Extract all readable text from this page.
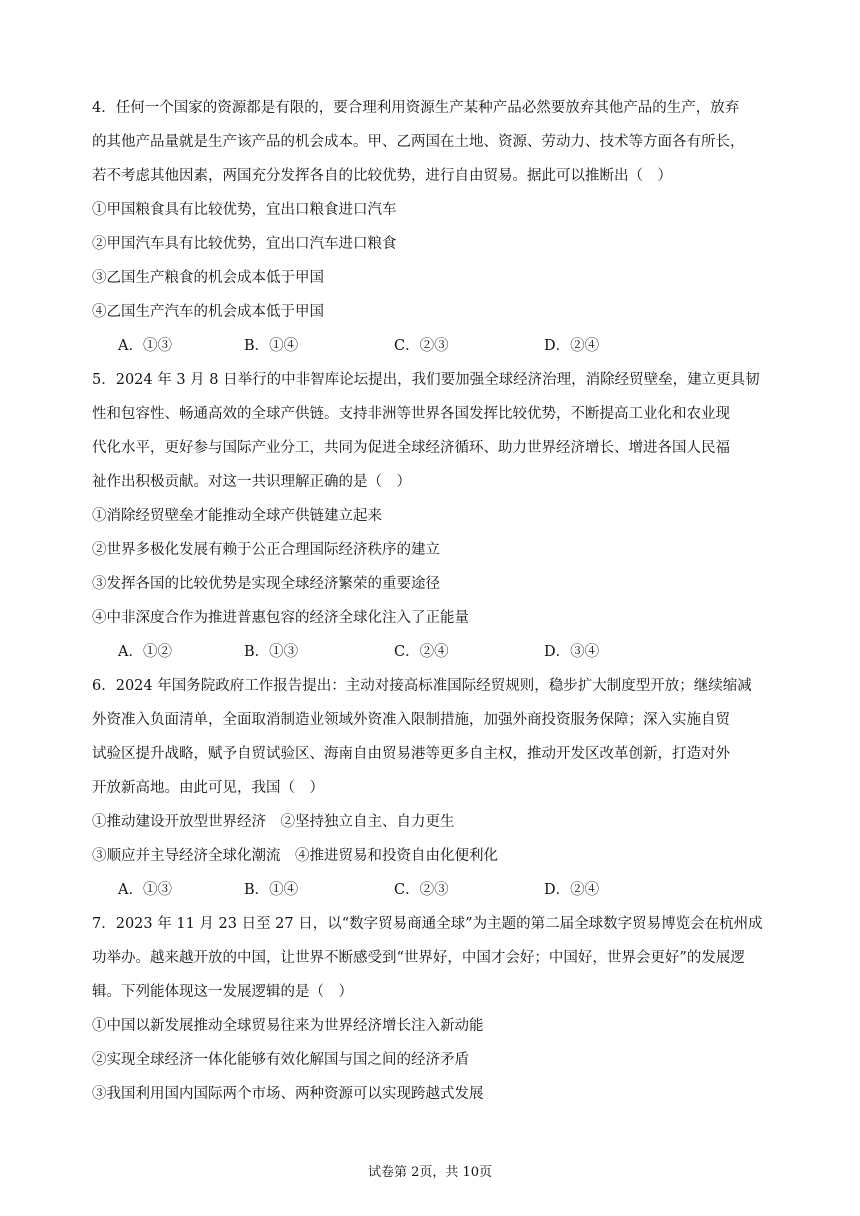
4．任何一个国家的资源都是有限的，要合理利用资源生产某种产品必然要放弃其他产品的生产，放弃
的其他产品量就是生产该产品的机会成本。甲、乙两国在土地、资源、劳动力、技术等方面各有所长，
若不考虑其他因素，两国充分发挥各自的比较优势，进行自由贸易。据此可以推断出（　）
①甲国粮食具有比较优势，宜出口粮食进口汽车
②甲国汽车具有比较优势，宜出口汽车进口粮食
③乙国生产粮食的机会成本低于甲国
④乙国生产汽车的机会成本低于甲国
A．①③	B．①④	C．②③	D．②④
5．2024 年 3 月 8 日举行的中非智库论坛提出，我们要加强全球经济治理，消除经贸壁垒，建立更具韧
性和包容性、畅通高效的全球产供链。支持非洲等世界各国发挥比较优势，不断提高工业化和农业现
代化水平，更好参与国际产业分工，共同为促进全球经济循环、助力世界经济增长、增进各国人民福
祉作出积极贡献。对这一共识理解正确的是（　）
①消除经贸壁垒才能推动全球产供链建立起来
②世界多极化发展有赖于公正合理国际经济秩序的建立
③发挥各国的比较优势是实现全球经济繁荣的重要途径
④中非深度合作为推进普惠包容的经济全球化注入了正能量
A．①②	B．①③	C．②④	D．③④
6．2024 年国务院政府工作报告提出：主动对接高标准国际经贸规则，稳步扩大制度型开放；继续缩减
外资准入负面清单，全面取消制造业领域外资准入限制措施，加强外商投资服务保障；深入实施自贸
试验区提升战略，赋予自贸试验区、海南自由贸易港等更多自主权，推动开发区改革创新，打造对外
开放新高地。由此可见，我国（　）
①推动建设开放型世界经济　②坚持独立自主、自力更生
③顺应并主导经济全球化潮流　④推进贸易和投资自由化便利化
A．①③	B．①④	C．②③	D．②④
7．2023 年 11 月 23 日至 27 日，以“数字贸易商通全球”为主题的第二届全球数字贸易博览会在杭州成
功举办。越来越开放的中国，让世界不断感受到“世界好，中国才会好；中国好，世界会更好”的发展逻
辑。下列能体现这一发展逻辑的是（　）
①中国以新发展推动全球贸易往来为世界经济增长注入新动能
②实现全球经济一体化能够有效化解国与国之间的经济矛盾
③我国利用国内国际两个市场、两种资源可以实现跨越式发展
试卷第 2页，共 10页
